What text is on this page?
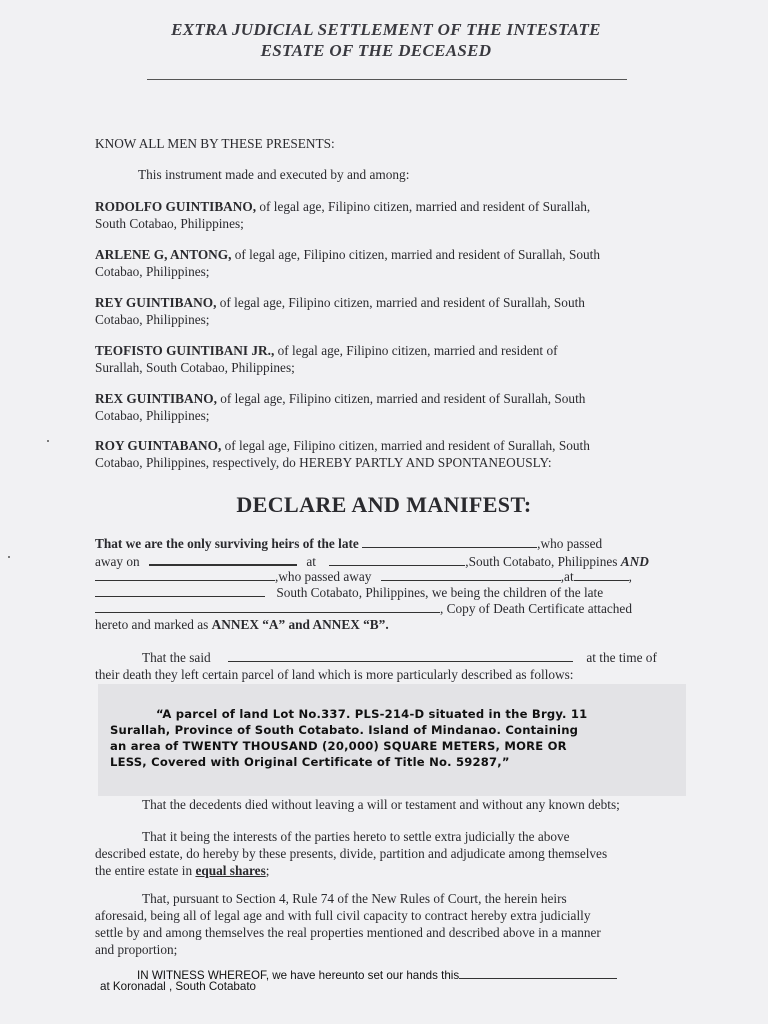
EXTRA JUDICIAL SETTLEMENT OF THE INTESTATE
ESTATE OF THE DECEASED
KNOW ALL MEN BY THESE PRESENTS:
This instrument made and executed by and among:
RODOLFO GUINTIBANO, of legal age, Filipino citizen, married and resident of Surallah,
South Cotabao, Philippines;
ARLENE G, ANTONG, of legal age, Filipino citizen, married and resident of Surallah, South
Cotabao, Philippines;
REY GUINTIBANO, of legal age, Filipino citizen, married and resident of Surallah, South
Cotabao, Philippines;
TEOFISTO GUINTIBANI JR., of legal age, Filipino citizen, married and resident of
Surallah, South Cotabao, Philippines;
REX GUINTIBANO, of legal age, Filipino citizen, married and resident of Surallah, South
Cotabao, Philippines;
ROY GUINTABANO, of legal age, Filipino citizen, married and resident of Surallah, South
Cotabao, Philippines, respectively, do HEREBY PARTLY AND SPONTANEOUSLY:
DECLARE AND MANIFEST:
That we are the only surviving heirs of the late	,who passed
away on	at	,South Cotabato, Philippines AND
,who passed away	,at	,
South Cotabato, Philippines, we being the children of the late
, Copy of Death Certificate attached
hereto and marked as ANNEX “A” and ANNEX “B”.
That the said	at the time of
their death they left certain parcel of land which is more particularly described as follows:
“A parcel of land Lot No.337. PLS-214-D situated in the Brgy. 11
Surallah, Province of South Cotabato. Island of Mindanao. Containing
an area of TWENTY THOUSAND (20,000) SQUARE METERS, MORE OR
LESS, Covered with Original Certificate of Title No. 59287,”
That the decedents died without leaving a will or testament and without any known debts;
That it being the interests of the parties hereto to settle extra judicially the above
described estate, do hereby by these presents, divide, partition and adjudicate among themselves
the entire estate in equal shares;
That, pursuant to Section 4, Rule 74 of the New Rules of Court, the herein heirs
aforesaid, being all of legal age and with full civil capacity to contract hereby extra judicially
settle by and among themselves the real properties mentioned and described above in a manner
and proportion;
IN WITNESS WHEREOF, we have hereunto set our hands this
at Koronadal , South Cotabato
